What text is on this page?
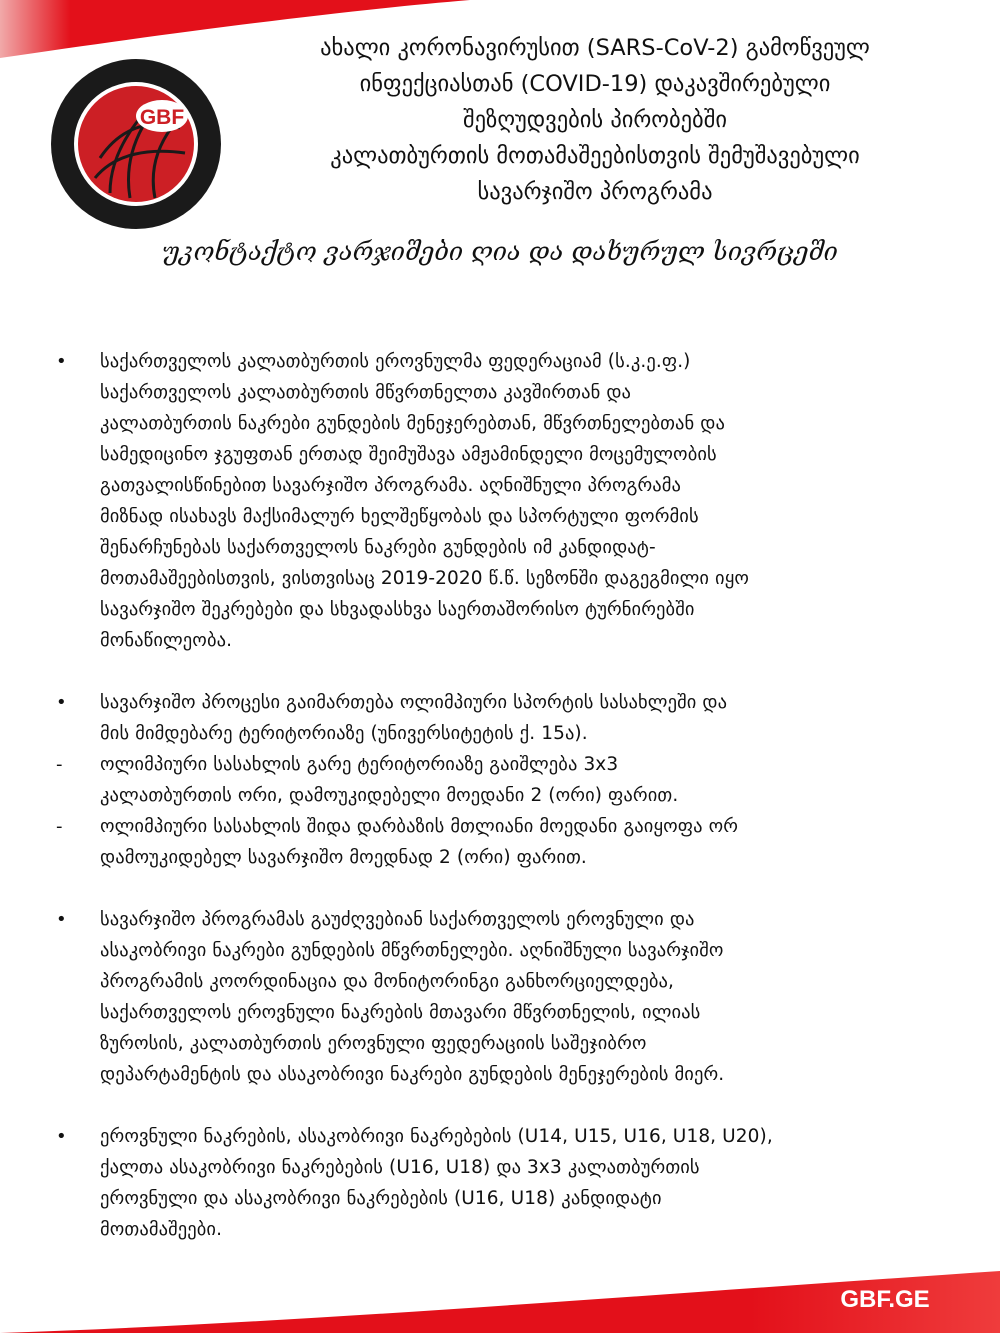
GBF
ახალი კორონავირუსით (SARS-CoV-2) გამოწვეულ
ინფექციასთან (COVID-19) დაკავშირებული
შეზღუდვების პირობებში
კალათბურთის მოთამაშეებისთვის შემუშავებული
სავარჯიშო პროგრამა
უკონტაქტო ვარჯიშები ღია და დახურულ სივრცეში
•	საქართველოს კალათბურთის ეროვნულმა ფედერაციამ (ს.კ.ე.ფ.)
საქართველოს კალათბურთის მწვრთნელთა კავშირთან და
კალათბურთის ნაკრები გუნდების მენეჯერებთან, მწვრთნელებთან და
სამედიცინო ჯგუფთან ერთად შეიმუშავა ამჟამინდელი მოცემულობის
გათვალისწინებით სავარჯიშო პროგრამა. აღნიშნული პროგრამა
მიზნად ისახავს მაქსიმალურ ხელშეწყობას და სპორტული ფორმის
შენარჩუნებას საქართველოს ნაკრები გუნდების იმ კანდიდატ-
მოთამაშეებისთვის, ვისთვისაც 2019-2020 წ.წ. სეზონში დაგეგმილი იყო
სავარჯიშო შეკრებები და სხვადასხვა საერთაშორისო ტურნირებში
მონაწილეობა.
•	სავარჯიშო პროცესი გაიმართება ოლიმპიური სპორტის სასახლეში და
მის მიმდებარე ტერიტორიაზე (უნივერსიტეტის ქ. 15ა).
-	ოლიმპიური სასახლის გარე ტერიტორიაზე გაიშლება 3x3
კალათბურთის ორი, დამოუკიდებელი მოედანი 2 (ორი) ფარით.
-	ოლიმპიური სასახლის შიდა დარბაზის მთლიანი მოედანი გაიყოფა ორ
დამოუკიდებელ სავარჯიშო მოედნად 2 (ორი) ფარით.
•	სავარჯიშო პროგრამას გაუძღვებიან საქართველოს ეროვნული და
ასაკობრივი ნაკრები გუნდების მწვრთნელები. აღნიშნული სავარჯიშო
პროგრამის კოორდინაცია და მონიტორინგი განხორციელდება,
საქართველოს ეროვნული ნაკრების მთავარი მწვრთნელის, ილიას
ზუროსის, კალათბურთის ეროვნული ფედერაციის საშეჯიბრო
დეპარტამენტის და ასაკობრივი ნაკრები გუნდების მენეჯერების მიერ.
•	ეროვნული ნაკრების, ასაკობრივი ნაკრებების (U14, U15, U16, U18, U20),
ქალთა ასაკობრივი ნაკრებების (U16, U18) და 3x3 კალათბურთის
ეროვნული და ასაკობრივი ნაკრებების (U16, U18) კანდიდატი
მოთამაშეები.
GBF.GE
